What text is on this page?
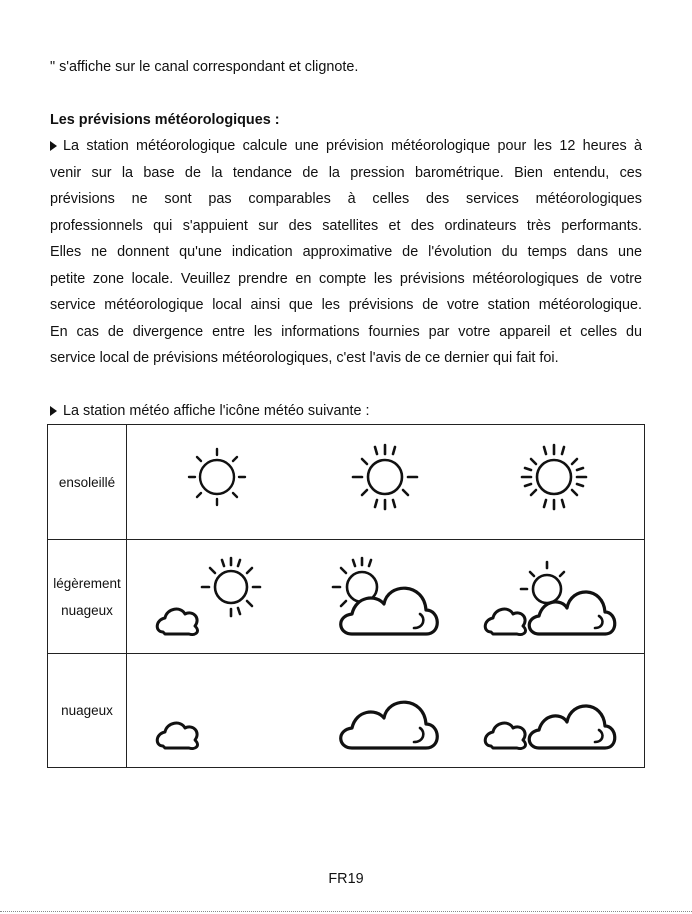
" s'affiche sur le canal correspondant et clignote.
Les prévisions météorologiques :
La station météorologique calcule une prévision météorologique pour les 12 heures à
venir sur la base de la tendance de la pression barométrique. Bien entendu, ces
prévisions ne sont pas comparables à celles des services météorologiques
professionnels qui s'appuient sur des satellites et des ordinateurs très performants.
Elles ne donnent qu'une indication approximative de l'évolution du temps dans une
petite zone locale. Veuillez prendre en compte les prévisions météorologiques de votre
service météorologique local ainsi que les prévisions de votre station météorologique.
En cas de divergence entre les informations fournies par votre appareil et celles du
service local de prévisions météorologiques, c'est l'avis de ce dernier qui fait foi.
La station météo affiche l'icône météo suivante :
ensoleillé	

légèrement
nuageux

nuageux	
FR19
